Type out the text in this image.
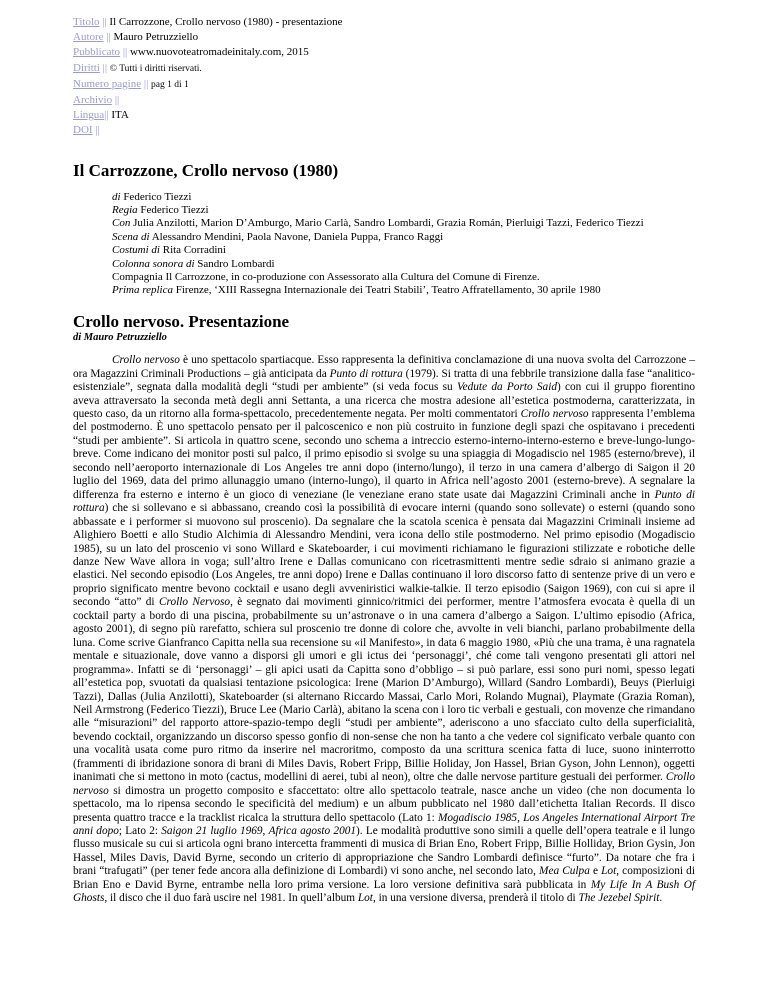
Titolo || Il Carrozzone, Crollo nervoso (1980) - presentazione
Autore || Mauro Petruzziello
Pubblicato || www.nuovoteatromadeinitaly.com, 2015
Diritti || © Tutti i diritti riservati.
Numero pagine || pag 1 di 1
Archivio ||
Lingua|| ITA
DOI ||
Il Carrozzone, Crollo nervoso (1980)
di Federico Tiezzi
Regia Federico Tiezzi
Con Julia Anzilotti, Marion D’Amburgo, Mario Carlà, Sandro Lombardi, Grazia Román, Pierluigi Tazzi, Federico Tiezzi
Scena di Alessandro Mendini, Paola Navone, Daniela Puppa, Franco Raggi
Costumi di Rita Corradini
Colonna sonora di Sandro Lombardi
Compagnia Il Carrozzone, in co-produzione con Assessorato alla Cultura del Comune di Firenze.
Prima replica Firenze, ‘XIII Rassegna Internazionale dei Teatri Stabili’, Teatro Affratellamento, 30 aprile 1980
Crollo nervoso. Presentazione
di Mauro Petruzziello

Crollo nervoso è uno spettacolo spartiacque. Esso rappresenta la definitiva conclamazione di una nuova svolta del Carrozzone – ora Magazzini Criminali Productions – già anticipata da Punto di rottura (1979). Si tratta di una febbrile transizione dalla fase “analitico-esistenziale”, segnata dalla modalità degli “studi per ambiente” (si veda focus su Vedute da Porto Said) con cui il gruppo fiorentino aveva attraversato la seconda metà degli anni Settanta, a una ricerca che mostra adesione all’estetica postmoderna, caratterizzata, in questo caso, da un ritorno alla forma-spettacolo, precedentemente negata. Per molti commentatori Crollo nervoso rappresenta l’emblema del postmoderno. È uno spettacolo pensato per il palcoscenico e non più costruito in funzione degli spazi che ospitavano i precedenti “studi per ambiente”. Si articola in quattro scene, secondo uno schema a intreccio esterno-interno-interno-esterno e breve-lungo-lungo-breve. Come indicano dei monitor posti sul palco, il primo episodio si svolge su una spiaggia di Mogadiscio nel 1985 (esterno/breve), il secondo nell’aeroporto internazionale di Los Angeles tre anni dopo (interno/lungo), il terzo in una camera d’albergo di Saigon il 20 luglio del 1969, data del primo allunaggio umano (interno-lungo), il quarto in Africa nell’agosto 2001 (esterno-breve). A segnalare la differenza fra esterno e interno è un gioco di veneziane (le veneziane erano state usate dai Magazzini Criminali anche in Punto di rottura) che si sollevano e si abbassano, creando così la possibilità di evocare interni (quando sono sollevate) o esterni (quando sono abbassate e i performer si muovono sul proscenio). Da segnalare che la scatola scenica è pensata dai Magazzini Criminali insieme ad Alighiero Boetti e allo Studio Alchimia di Alessandro Mendini, vera icona dello stile postmoderno. Nel primo episodio (Mogadiscio 1985), su un lato del proscenio vi sono Willard e Skateboarder, i cui movimenti richiamano le figurazioni stilizzate e robotiche delle danze New Wave allora in voga; sull’altro Irene e Dallas comunicano con ricetrasmittenti mentre sedie sdraio si animano grazie a elastici. Nel secondo episodio (Los Angeles, tre anni dopo) Irene e Dallas continuano il loro discorso fatto di sentenze prive di un vero e proprio significato mentre bevono cocktail e usano degli avveniristici walkie-talkie. Il terzo episodio (Saigon 1969), con cui si apre il secondo “atto” di Crollo Nervoso, è segnato dai movimenti ginnico/ritmici dei performer, mentre l’atmosfera evocata è quella di un cocktail party a bordo di una piscina, probabilmente su un’astronave o in una camera d’albergo a Saigon. L’ultimo episodio (Africa, agosto 2001), di segno più rarefatto, schiera sul proscenio tre donne di colore che, avvolte in veli bianchi, parlano probabilmente della luna. Come scrive Gianfranco Capitta nella sua recensione su «il Manifesto», in data 6 maggio 1980, «Più che una trama, è una ragnatela mentale e situazionale, dove vanno a disporsi gli umori e gli ictus dei ‘personaggi’, ché come tali vengono presentati gli attori nel programma». Infatti se di ‘personaggi’ – gli apici usati da Capitta sono d’obbligo – si può parlare, essi sono puri nomi, spesso legati all’estetica pop, svuotati da qualsiasi tentazione psicologica: Irene (Marion D’Amburgo), Willard (Sandro Lombardi), Beuys (Pierluigi Tazzi), Dallas (Julia Anzilotti), Skateboarder (si alternano Riccardo Massai, Carlo Mori, Rolando Mugnai), Playmate (Grazia Roman), Neil Armstrong (Federico Tiezzi), Bruce Lee (Mario Carlà), abitano la scena con i loro tic verbali e gestuali, con movenze che rimandano alle “misurazioni” del rapporto attore-spazio-tempo degli “studi per ambiente”, aderiscono a uno sfacciato culto della superficialità, bevendo cocktail, organizzando un discorso spesso gonfio di non-sense che non ha tanto a che vedere col significato verbale quanto con una vocalità usata come puro ritmo da inserire nel macroritmo, composto da una scrittura scenica fatta di luce, suono ininterrotto (frammenti di ibridazione sonora di brani di Miles Davis, Robert Fripp, Billie Holiday, Jon Hassel, Brian Gyson, John Lennon), oggetti inanimati che si mettono in moto (cactus, modellini di aerei, tubi al neon), oltre che dalle nervose partiture gestuali dei performer. Crollo nervoso si dimostra un progetto composito e sfaccettato: oltre allo spettacolo teatrale, nasce anche un video (che non documenta lo spettacolo, ma lo ripensa secondo le specificità del medium) e un album pubblicato nel 1980 dall’etichetta Italian Records. Il disco presenta quattro tracce e la tracklist ricalca la struttura dello spettacolo (Lato 1: Mogadiscio 1985, Los Angeles International Airport Tre anni dopo; Lato 2: Saigon 21 luglio 1969, Africa agosto 2001). Le modalità produttive sono simili a quelle dell’opera teatrale e il lungo flusso musicale su cui si articola ogni brano intercetta frammenti di musica di Brian Eno, Robert Fripp, Billie Holliday, Brion Gysin, Jon Hassel, Miles Davis, David Byrne, secondo un criterio di appropriazione che Sandro Lombardi definisce “furto”. Da notare che fra i brani “trafugati” (per tener fede ancora alla definizione di Lombardi) vi sono anche, nel secondo lato, Mea Culpa e Lot, composizioni di Brian Eno e David Byrne, entrambe nella loro prima versione. La loro versione definitiva sarà pubblicata in My Life In A Bush Of Ghosts, il disco che il duo farà uscire nel 1981. In quell’album Lot, in una versione diversa, prenderà il titolo di The Jezebel Spirit.
